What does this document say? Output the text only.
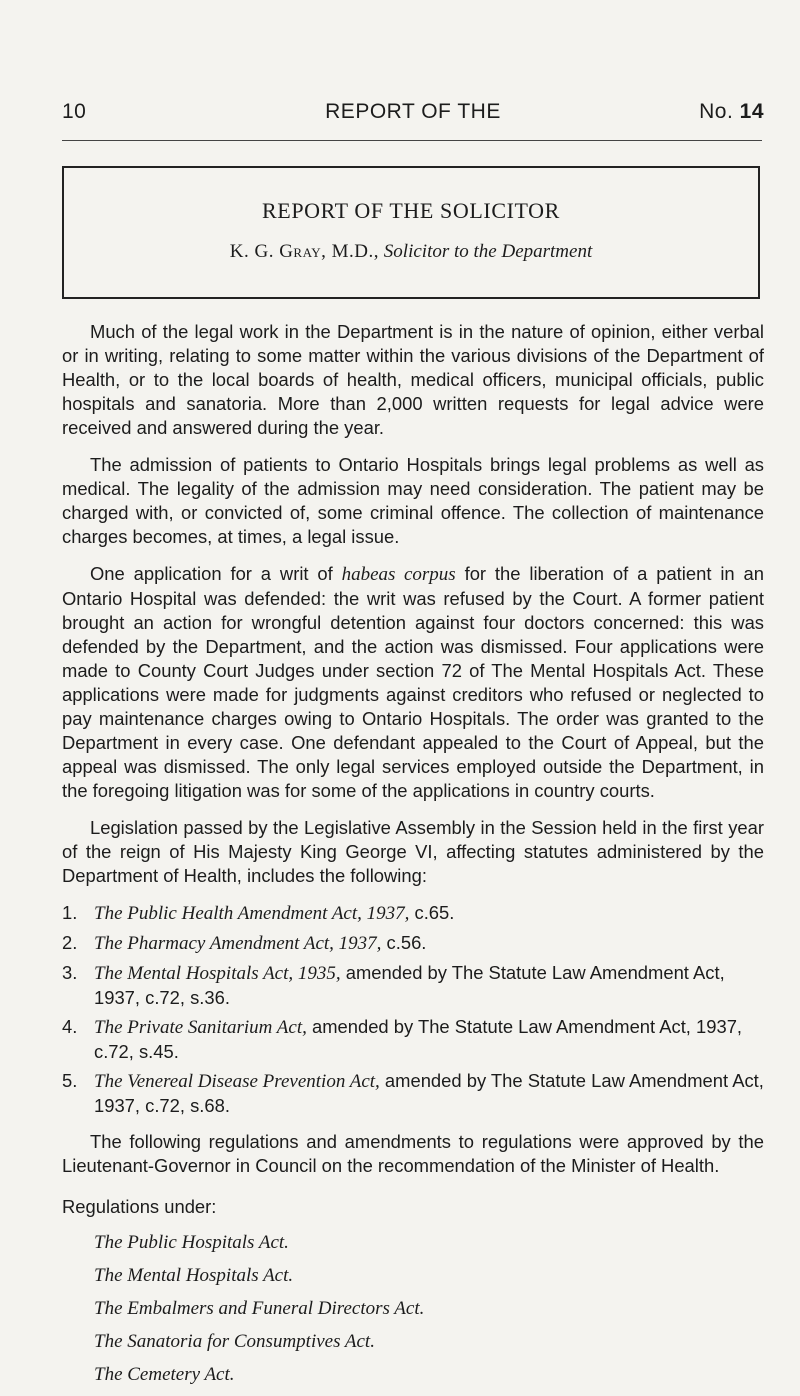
10	REPORT OF THE	No. 14
REPORT OF THE SOLICITOR
K. G. Gray, M.D., Solicitor to the Department

Much of the legal work in the Department is in the nature of opinion, either verbal or in writing, relating to some matter within the various divisions of the Department of Health, or to the local boards of health, medical officers, municipal officials, public hospitals and sanatoria. More than 2,000 written requests for legal advice were received and answered during the year.

The admission of patients to Ontario Hospitals brings legal problems as well as medical. The legality of the admission may need consideration. The patient may be charged with, or convicted of, some criminal offence. The collection of maintenance charges becomes, at times, a legal issue.

One application for a writ of habeas corpus for the liberation of a patient in an Ontario Hospital was defended: the writ was refused by the Court. A former patient brought an action for wrongful detention against four doctors concerned: this was defended by the Department, and the action was dismissed. Four applications were made to County Court Judges under section 72 of The Mental Hospitals Act. These applications were made for judgments against creditors who refused or neglected to pay maintenance charges owing to Ontario Hospitals. The order was granted to the Department in every case. One defendant appealed to the Court of Appeal, but the appeal was dismissed. The only legal services employed outside the Department, in the foregoing litigation was for some of the applications in country courts.

Legislation passed by the Legislative Assembly in the Session held in the first year of the reign of His Majesty King George VI, affecting statutes administered by the Department of Health, includes the following:

1. The Public Health Amendment Act, 1937, c.65.
2. The Pharmacy Amendment Act, 1937, c.56.
3. The Mental Hospitals Act, 1935, amended by The Statute Law Amendment Act, 1937, c.72, s.36.
4. The Private Sanitarium Act, amended by The Statute Law Amendment Act, 1937, c.72, s.45.
5. The Venereal Disease Prevention Act, amended by The Statute Law Amendment Act, 1937, c.72, s.68.

The following regulations and amendments to regulations were approved by the Lieutenant-Governor in Council on the recommendation of the Minister of Health.

Regulations under:

The Public Hospitals Act.
The Mental Hospitals Act.
The Embalmers and Funeral Directors Act.
The Sanatoria for Consumptives Act.
The Cemetery Act.
